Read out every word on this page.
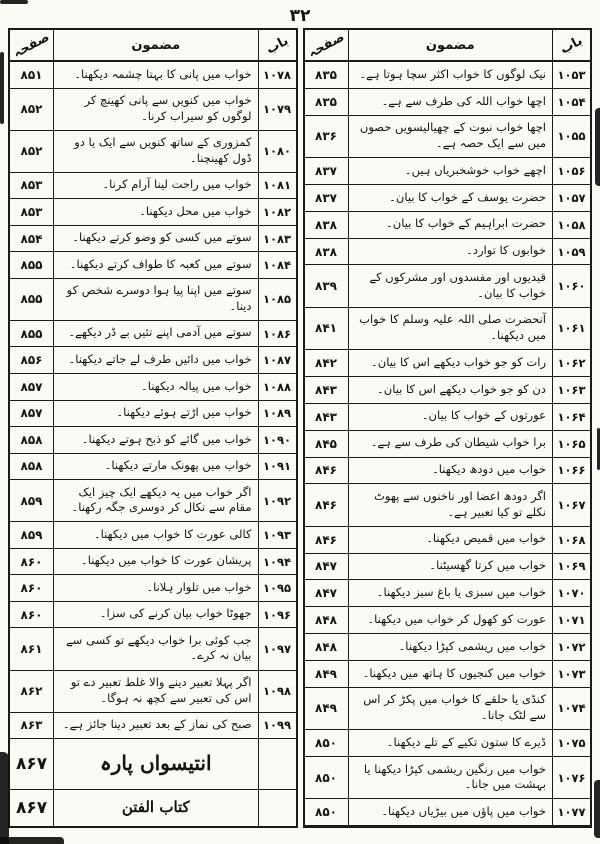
۳۲
باب
مضمون
صفحہ
۱۰۵۳
نیک لوگوں کا خواب اکثر سچا ہوتا ہے۔
۸۳۵
۱۰۵۴
اچھا خواب اللہ کی طرف سے ہے۔
۸۳۵
۱۰۵۵
اچھا خواب نبوت کے چھیالیسویں حصوں میں سے ایک حصہ ہے۔
۸۳۶
۱۰۵۶
اچھے خواب خوشخبریاں ہیں۔
۸۳۷
۱۰۵۷
حضرت یوسف کے خواب کا بیان۔
۸۳۷
۱۰۵۸
حضرت ابراہیم کے خواب کا بیان۔
۸۳۸
۱۰۵۹
خوابوں کا توارد۔
۸۳۸
۱۰۶۰
قیدیوں اور مفسدوں اور مشرکوں کے خواب کا بیان۔
۸۳۹
۱۰۶۱
آنحضرت صلی اللہ علیہ وسلم کا خواب میں دیکھنا۔
۸۴۱
۱۰۶۲
رات کو جو خواب دیکھے اس کا بیان۔
۸۴۲
۱۰۶۳
دن کو جو خواب دیکھے اس کا بیان۔
۸۴۳
۱۰۶۴
عورتوں کے خواب کا بیان۔
۸۴۳
۱۰۶۵
برا خواب شیطان کی طرف سے ہے۔
۸۴۵
۱۰۶۶
خواب میں دودھ دیکھنا۔
۸۴۶
۱۰۶۷
اگر دودھ اعضا اور ناخنوں سے پھوٹ نکلے تو کیا تعبیر ہے۔
۸۴۶
۱۰۶۸
خواب میں قمیص دیکھنا۔
۸۴۶
۱۰۶۹
خواب میں کرتا گھسیٹنا۔
۸۴۷
۱۰۷۰
خواب میں سبزی یا باغ سبز دیکھنا۔
۸۴۷
۱۰۷۱
عورت کو کھول کر خواب میں دیکھنا۔
۸۴۸
۱۰۷۲
خواب میں ریشمی کپڑا دیکھنا۔
۸۴۸
۱۰۷۳
خواب میں کنجیوں کا ہاتھ میں دیکھنا۔
۸۴۹
۱۰۷۴
کنڈی یا حلقے کا خواب میں پکڑ کر اس سے لٹک جانا۔
۸۴۹
۱۰۷۵
ڈیرے کا ستون تکیے کے تلے دیکھنا۔
۸۵۰
۱۰۷۶
خواب میں رنگین ریشمی کپڑا دیکھنا یا بہشت میں جانا۔
۸۵۰
۱۰۷۷
خواب میں پاؤں میں بیڑیاں دیکھنا۔
۸۵۰
باب
مضمون
صفحہ
۱۰۷۸
خواب میں پانی کا بہتا چشمہ دیکھنا۔
۸۵۱
۱۰۷۹
خواب میں کنویں سے پانی کھینچ کر لوگوں کو سیراب کرنا۔
۸۵۲
۱۰۸۰
کمزوری کے ساتھ کنویں سے ایک یا دو ڈول کھینچنا۔
۸۵۲
۱۰۸۱
خواب میں راحت لینا آرام کرنا۔
۸۵۳
۱۰۸۲
خواب میں محل دیکھنا۔
۸۵۳
۱۰۸۳
سوتے میں کسی کو وضو کرتے دیکھنا۔
۸۵۴
۱۰۸۴
سوتے میں کعبہ کا طواف کرتے دیکھنا۔
۸۵۵
۱۰۸۵
سوتے میں اپنا پیا ہوا دوسرے شخص کو دینا۔
۸۵۵
۱۰۸۶
سوتے میں آدمی اپنے تئیں بے ڈر دیکھے۔
۸۵۵
۱۰۸۷
خواب میں دائیں طرف لے جاتے دیکھنا۔
۸۵۶
۱۰۸۸
خواب میں پیالہ دیکھنا۔
۸۵۷
۱۰۸۹
خواب میں اڑتے ہوئے دیکھنا۔
۸۵۷
۱۰۹۰
خواب میں گائے کو ذبح ہوتے دیکھنا۔
۸۵۸
۱۰۹۱
خواب میں پھونک مارتے دیکھنا۔
۸۵۸
۱۰۹۲
اگر خواب میں یہ دیکھے ایک چیز ایک مقام سے نکال کر دوسری جگہ رکھنا۔
۸۵۹
۱۰۹۳
کالی عورت کا خواب میں دیکھنا۔
۸۵۹
۱۰۹۴
پریشان عورت کا خواب میں دیکھنا۔
۸۶۰
۱۰۹۵
خواب میں تلوار ہلانا۔
۸۶۰
۱۰۹۶
جھوٹا خواب بیان کرنے کی سزا۔
۸۶۰
۱۰۹۷
جب کوئی برا خواب دیکھے تو کسی سے بیان نہ کرے۔
۸۶۱
۱۰۹۸
اگر پہلا تعبیر دینے والا غلط تعبیر دے تو اس کی تعبیر سے کچھ نہ ہوگا۔
۸۶۲
۱۰۹۹
صبح کی نماز کے بعد تعبیر دینا جائز ہے۔
۸۶۳
انتیسواں پارہ
۸۶۷
کتاب الفتن
۸۶۷
